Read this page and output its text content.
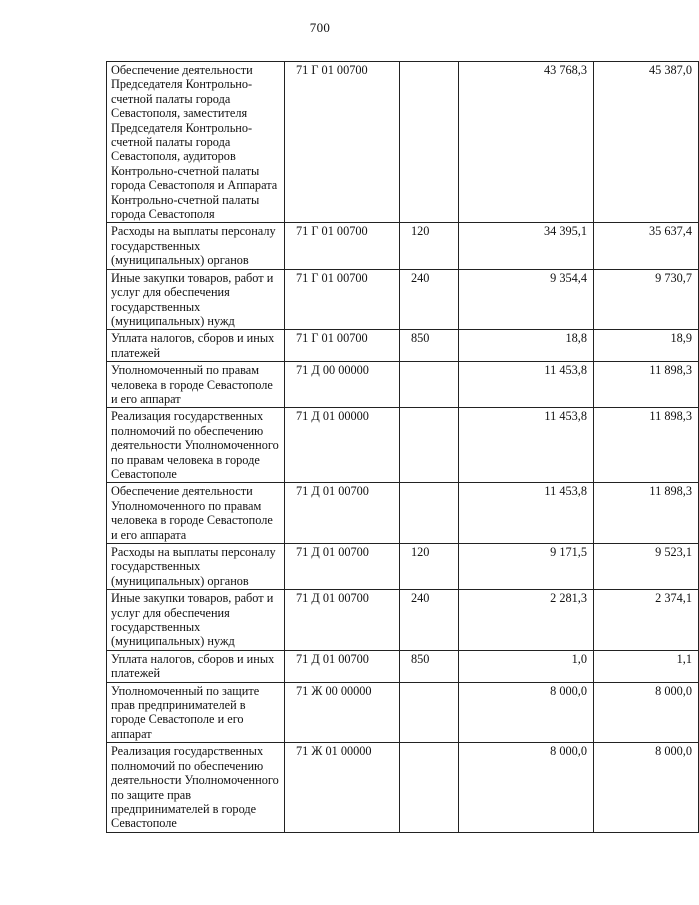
700
Обеспечение деятельности Председателя Контрольно-счетной палаты города Севастополя, заместителя Председателя Контрольно-счетной палаты города Севастополя, аудиторов Контрольно-счетной палаты города Севастополя и Аппарата Контрольно-счетной палаты города Севастополя	71 Г 01 00700		43 768,3	45 387,0
Расходы на выплаты персоналу государственных (муниципальных) органов	71 Г 01 00700	120	34 395,1	35 637,4
Иные закупки товаров, работ и услуг для обеспечения государственных (муниципальных) нужд	71 Г 01 00700	240	9 354,4	9 730,7
Уплата налогов, сборов и иных платежей	71 Г 01 00700	850	18,8	18,9
Уполномоченный по правам человека в городе Севастополе и его аппарат	71 Д 00 00000		11 453,8	11 898,3
Реализация государственных полномочий по обеспечению деятельности Уполномоченного по правам человека в городе Севастополе	71 Д 01 00000		11 453,8	11 898,3
Обеспечение деятельности Уполномоченного по правам человека в городе Севастополе и его аппарата	71 Д 01 00700		11 453,8	11 898,3
Расходы на выплаты персоналу государственных (муниципальных) органов	71 Д 01 00700	120	9 171,5	9 523,1
Иные закупки товаров, работ и услуг для обеспечения государственных (муниципальных) нужд	71 Д 01 00700	240	2 281,3	2 374,1
Уплата налогов, сборов и иных платежей	71 Д 01 00700	850	1,0	1,1
Уполномоченный по защите прав предпринимателей в городе Севастополе и его аппарат	71 Ж 00 00000		8 000,0	8 000,0
Реализация государственных полномочий по обеспечению деятельности Уполномоченного по защите прав предпринимателей в городе Севастополе	71 Ж 01 00000		8 000,0	8 000,0
